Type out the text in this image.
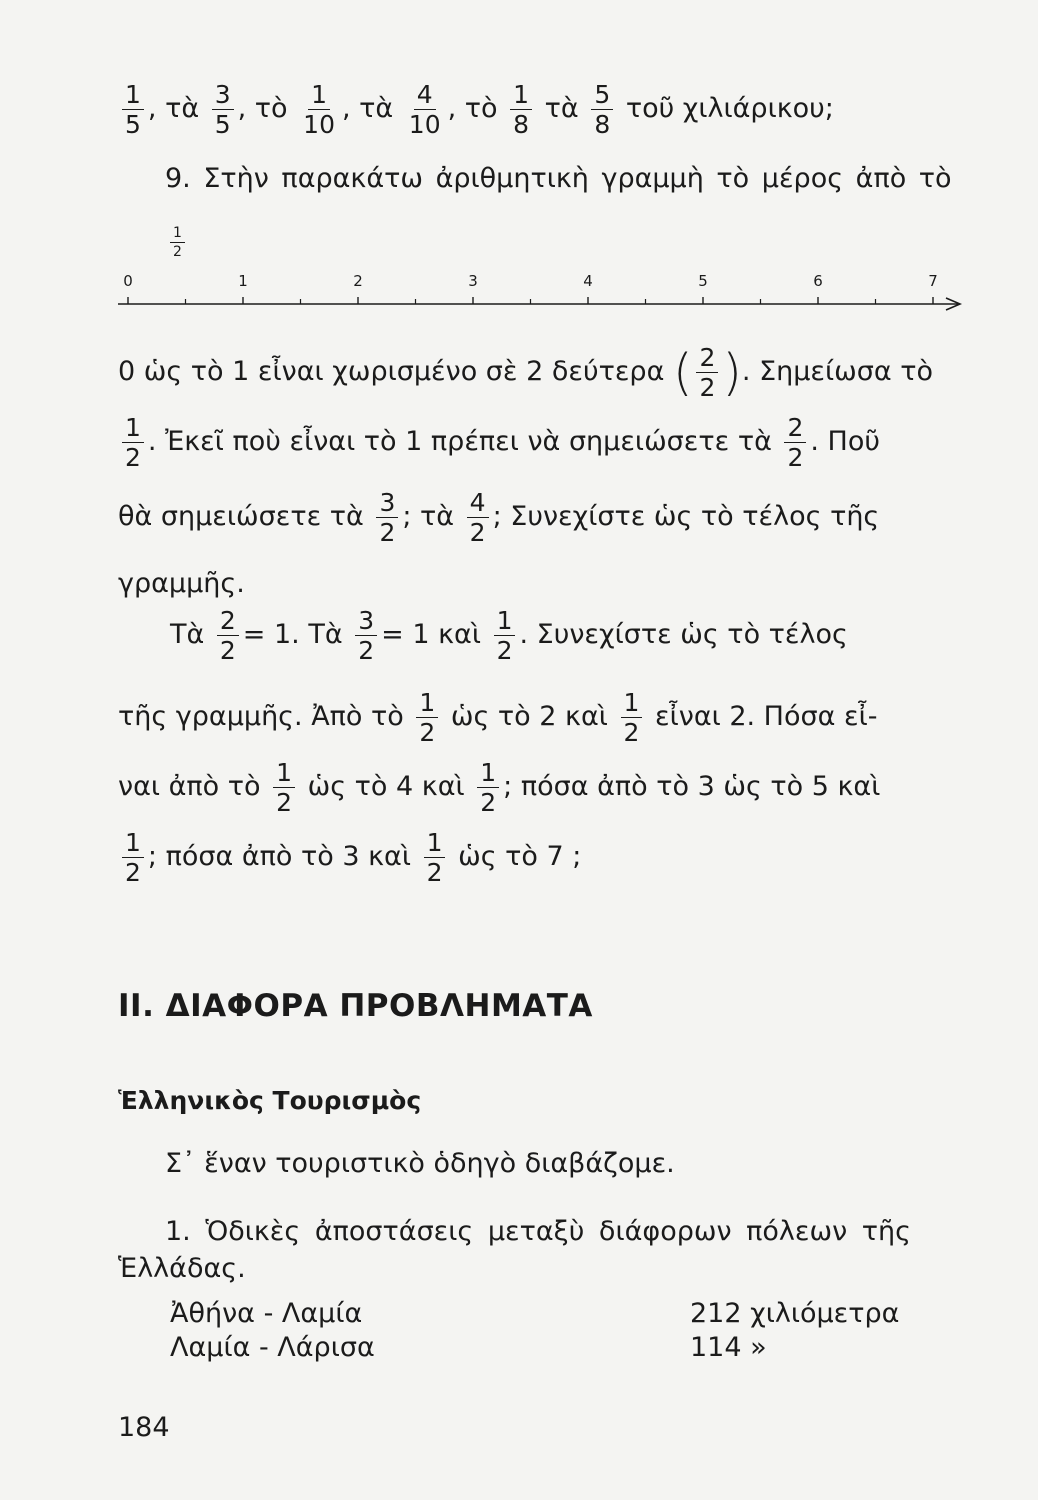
$\frac{1}{5}$ , τὰ $\frac{3}{5}$ , τὸ $\frac{1}{10}$ , τὰ $\frac{4}{10}$ , τὸ $\frac{1}{8}$ τὰ $\frac{5}{8}$ τοῦ χιλιάρικου;
9. Στὴν παρακάτω ἀριθμητικὴ γραμμὴ τὸ μέρος ἀπὸ τὸ
$\frac{1}{2}$
0	1	2	3	4	5	6	7
0 ὡς τὸ 1 εἶναι χωρισμένο σὲ 2 δεύτερα ( $\frac{2}{2}$ ). Σημείωσα τὸ
$\frac{1}{2}$ . Ἐκεῖ ποὺ εἶναι τὸ 1 πρέπει νὰ σημειώσετε τὰ $\frac{2}{2}$ . Ποῦ
θὰ σημειώσετε τὰ $\frac{3}{2}$ ; τὰ $\frac{4}{2}$ ; Συνεχίστε ὡς τὸ τέλος τῆς
γραμμῆς.
Τὰ $\frac{2}{2} = 1$. Τὰ $\frac{3}{2} = 1$ καὶ $\frac{1}{2}$ . Συνεχίστε ὡς τὸ τέλος
τῆς γραμμῆς. Ἀπὸ τὸ $\frac{1}{2}$ ὡς τὸ 2 καὶ $\frac{1}{2}$ εἶναι 2. Πόσα εἶ-
ναι ἀπὸ τὸ $\frac{1}{2}$ ὡς τὸ 4 καὶ $\frac{1}{2}$ ; πόσα ἀπὸ τὸ 3 ὡς τὸ 5 καὶ
$\frac{1}{2}$ ; πόσα ἀπὸ τὸ 3 καὶ $\frac{1}{2}$ ὡς τὸ 7 ;
II. ΔΙΑΦΟΡΑ ΠΡΟΒΛΗΜΑΤΑ
Ἑλληνικὸς Τουρισμὸς
Σ᾽ ἕναν τουριστικὸ ὁδηγὸ διαβάζομε.
1. Ὁδικὲς ἀποστάσεις μεταξὺ διάφορων πόλεων τῆς
Ἑλλάδας.
Ἀθήνα - Λαμία	212 χιλιόμετρα
Λαμία - Λάρισα	114 »
184
